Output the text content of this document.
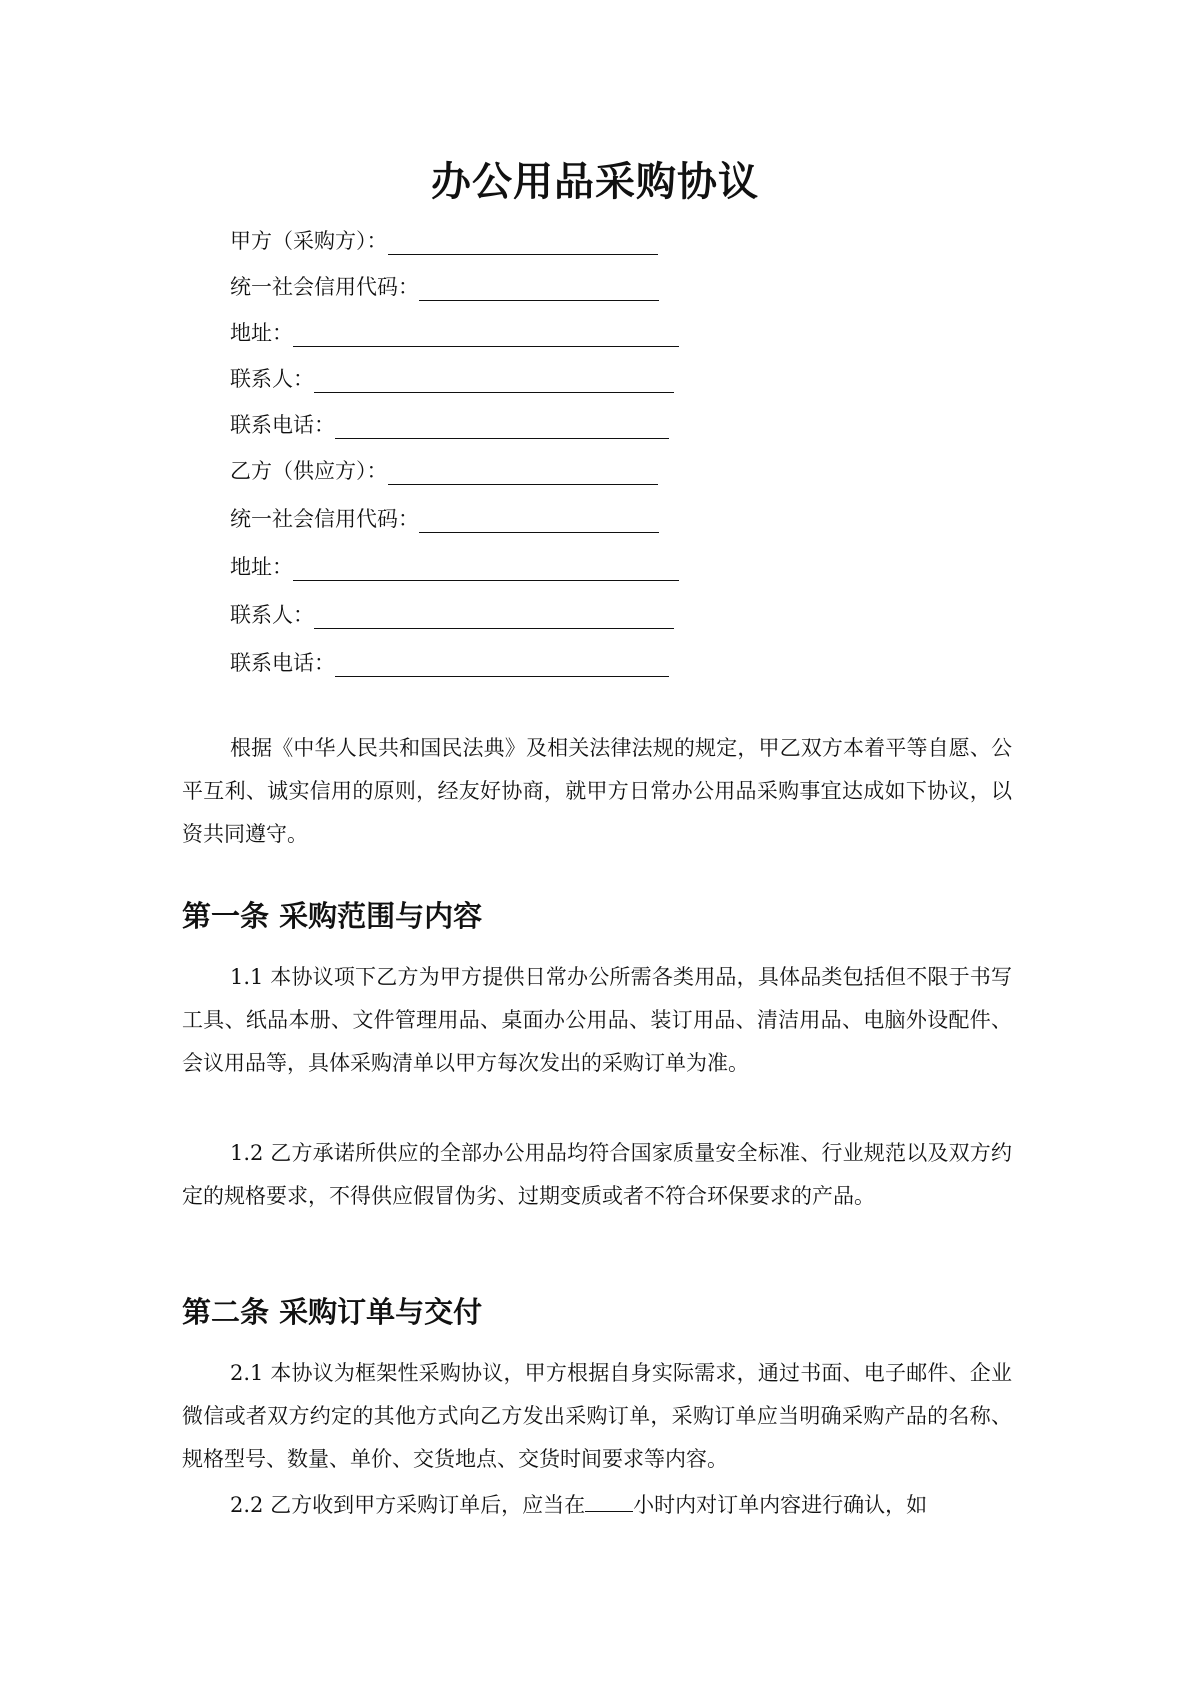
办公用品采购协议
甲方（采购方）：
统一社会信用代码：
地址：
联系人：
联系电话：
乙方（供应方）：
统一社会信用代码：
地址：
联系人：
联系电话：

根据《中华人民共和国民法典》及相关法律法规的规定，甲乙双方本着平等自愿、公平互利、诚实信用的原则，经友好协商，就甲方日常办公用品采购事宜达成如下协议，以资共同遵守。

第一条 采购范围与内容

1.1 本协议项下乙方为甲方提供日常办公所需各类用品，具体品类包括但不限于书写工具、纸品本册、文件管理用品、桌面办公用品、装订用品、清洁用品、电脑外设配件、会议用品等，具体采购清单以甲方每次发出的采购订单为准。

1.2 乙方承诺所供应的全部办公用品均符合国家质量安全标准、行业规范以及双方约定的规格要求，不得供应假冒伪劣、过期变质或者不符合环保要求的产品。

第二条 采购订单与交付

2.1 本协议为框架性采购协议，甲方根据自身实际需求，通过书面、电子邮件、企业微信或者双方约定的其他方式向乙方发出采购订单，采购订单应当明确采购产品的名称、规格型号、数量、单价、交货地点、交货时间要求等内容。

2.2 乙方收到甲方采购订单后，应当在 小时内对订单内容进行确认，如
